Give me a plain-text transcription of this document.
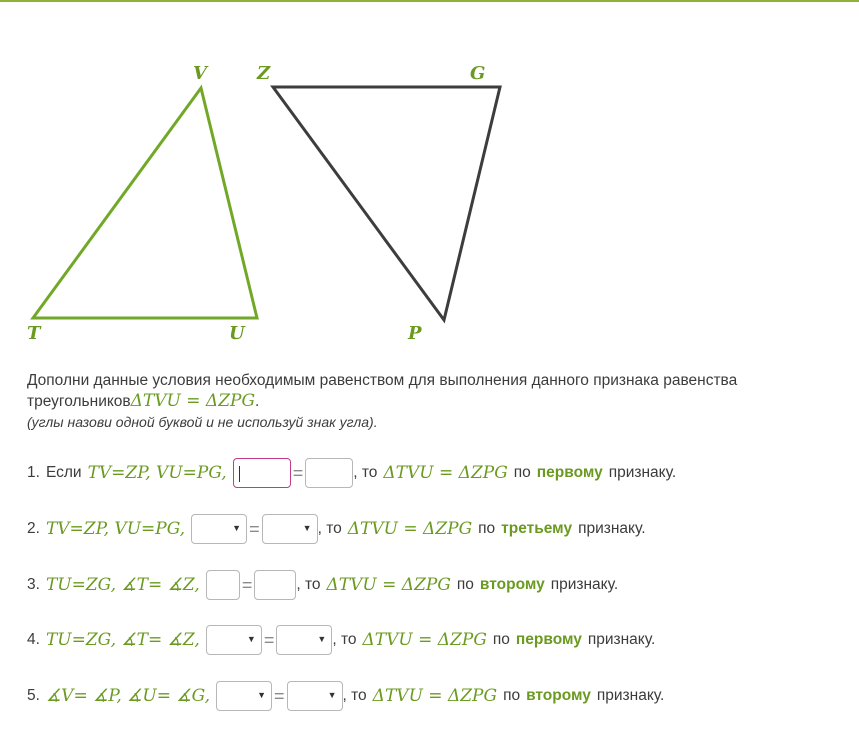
V
T	U
Z	G
P
Дополни данные условия необходимым равенством для выполнения данного признака равенства треугольниковΔTVU = ΔZPG.
(углы назови одной буквой и не используй знак угла).
1. Если TV=ZP, VU=PG,	=	, то ΔTVU = ΔZPG по первому признаку.
2. TV=ZP, VU=PG,	▼ =	▼ , то ΔTVU = ΔZPG по третьему признаку.
3. TU=ZG, ∡T= ∡Z, =	, то ΔTVU = ΔZPG по второму признаку.
4. TU=ZG, ∡T= ∡Z,	▼ =	▼ , то ΔTVU = ΔZPG по первому признаку.
5. ∡V= ∡P, ∡U= ∡G,	▼ =	▼ , то ΔTVU = ΔZPG по второму признаку.
